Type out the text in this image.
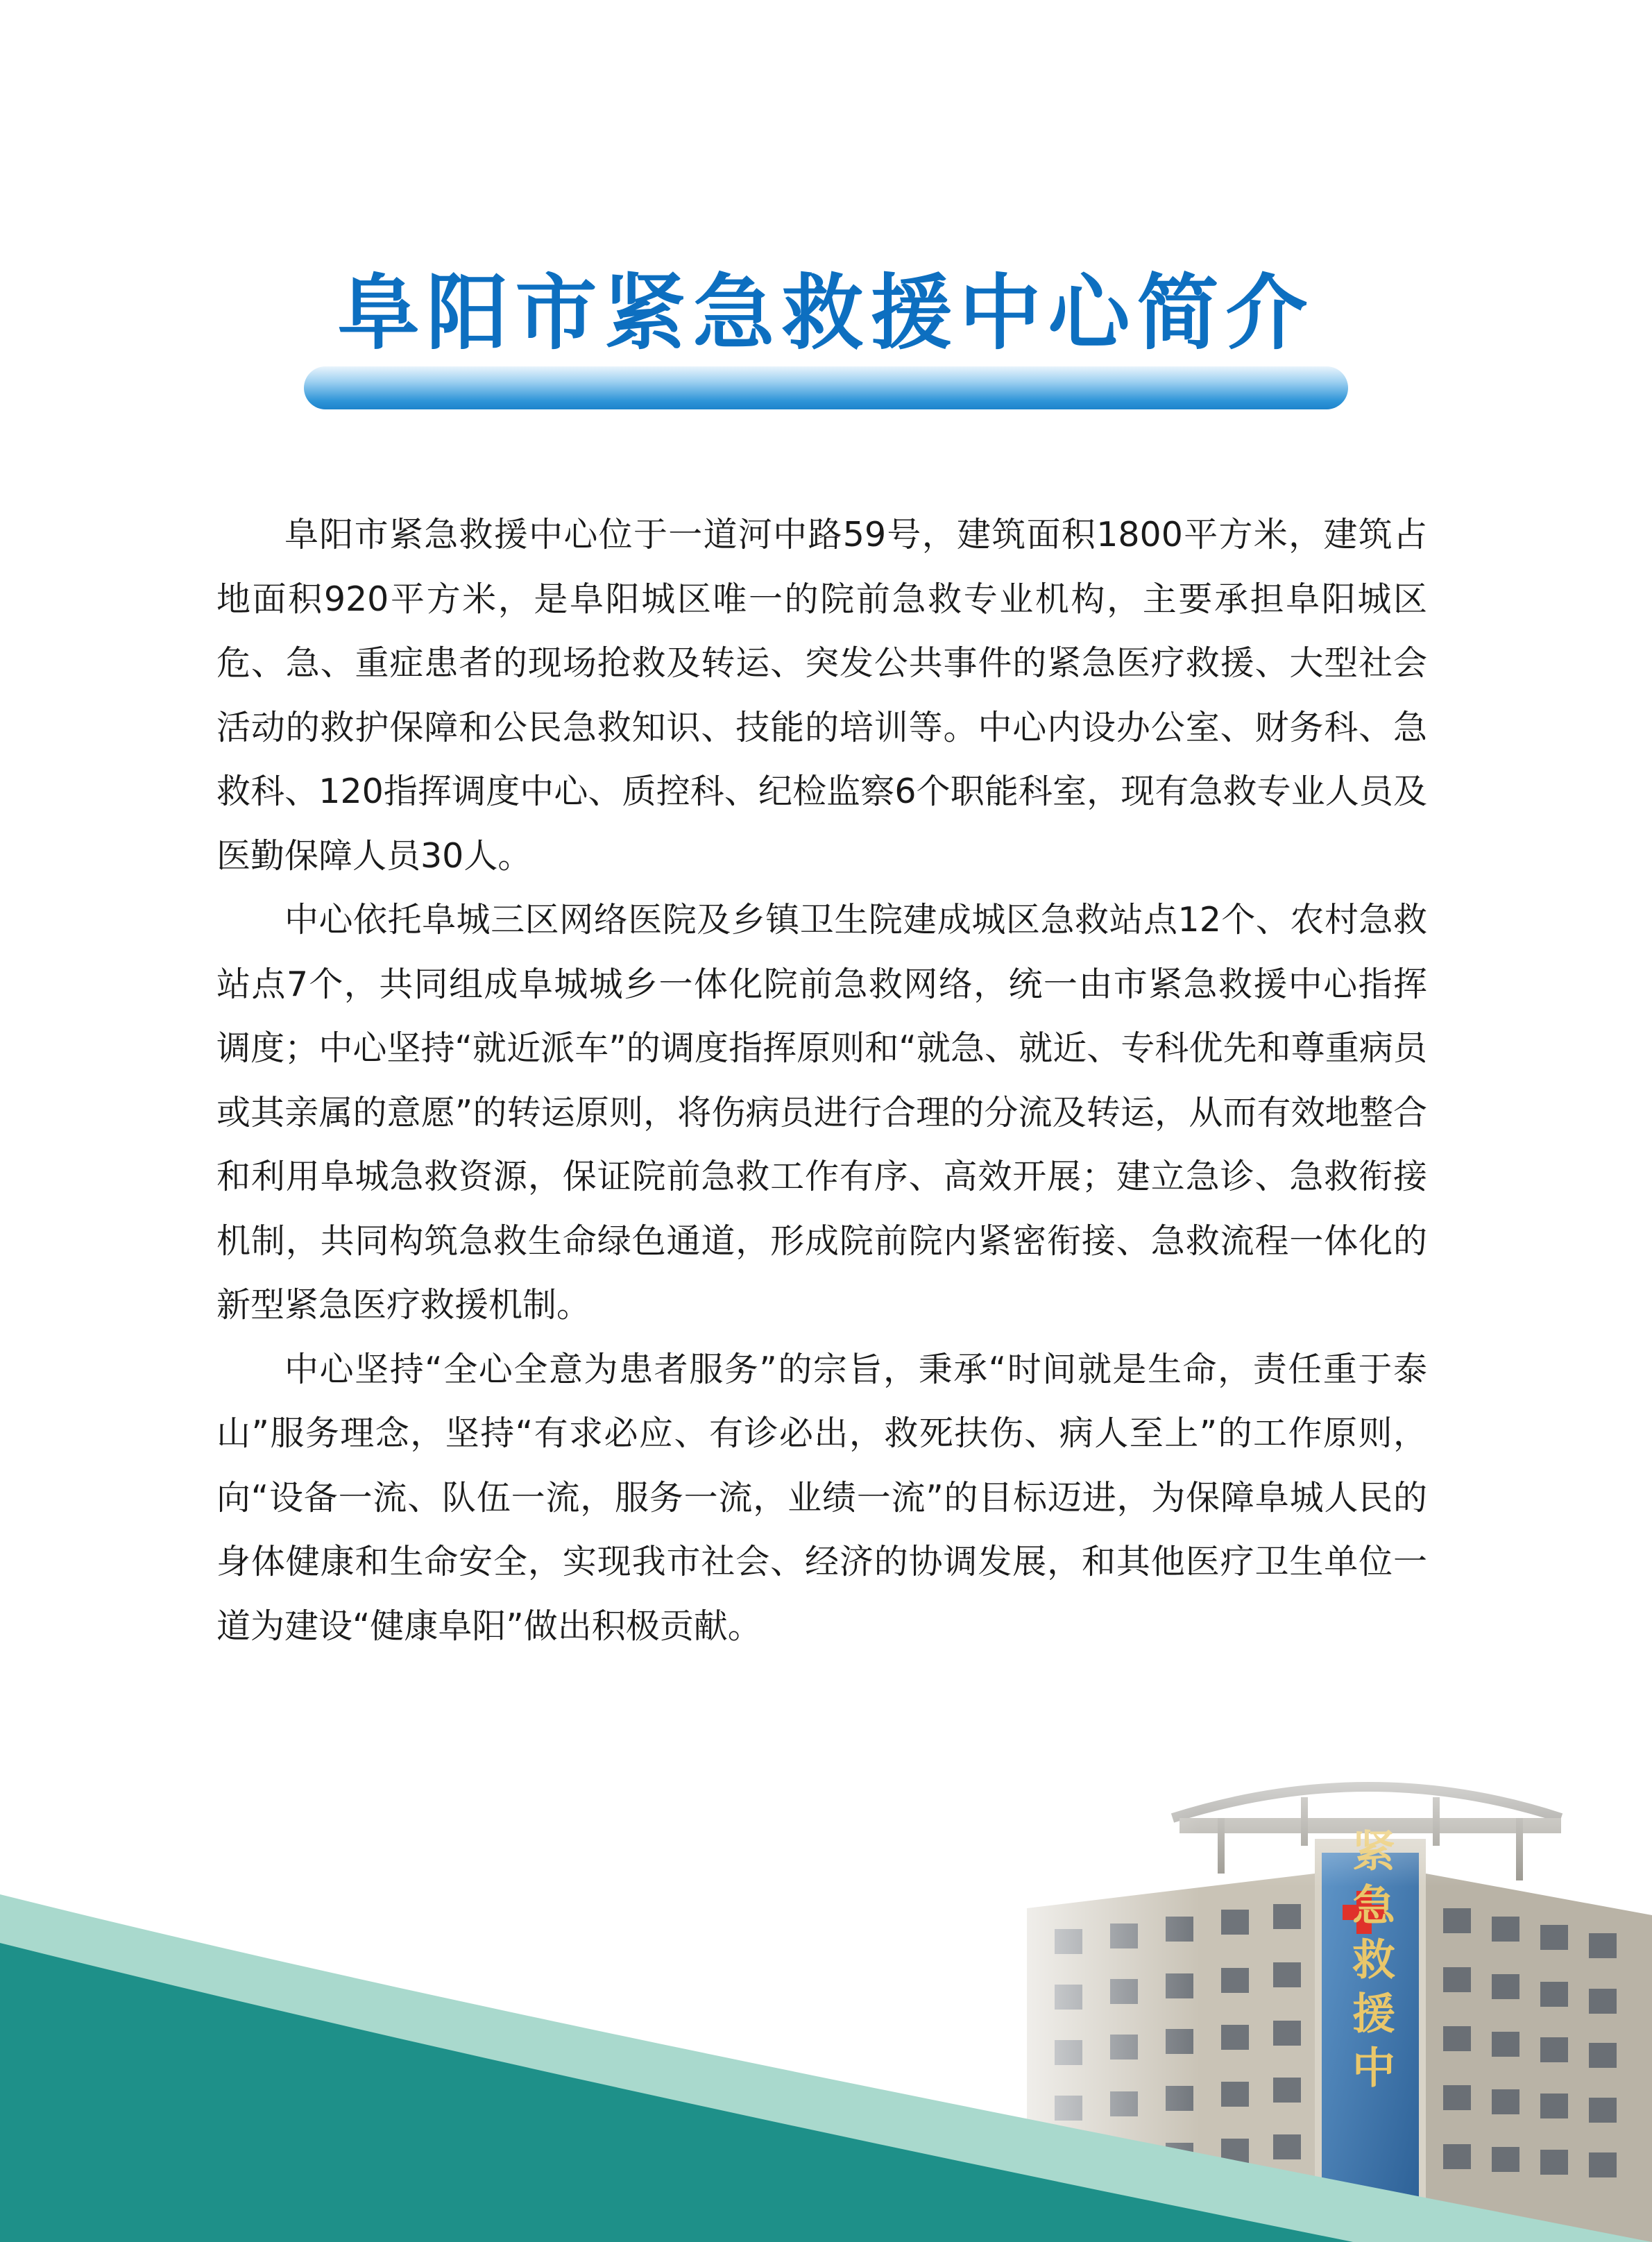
阜阳市紧急救援中心简介

阜阳市紧急救援中心位于一道河中路59号，建筑面积1800平方米，建筑占地面积920平方米，是阜阳城区唯一的院前急救专业机构，主要承担阜阳城区危、急、重症患者的现场抢救及转运、突发公共事件的紧急医疗救援、大型社会活动的救护保障和公民急救知识、技能的培训等。中心内设办公室、财务科、急救科、120指挥调度中心、质控科、纪检监察6个职能科室，现有急救专业人员及医勤保障人员30人。

中心依托阜城三区网络医院及乡镇卫生院建成城区急救站点12个、农村急救站点7个，共同组成阜城城乡一体化院前急救网络，统一由市紧急救援中心指挥调度；中心坚持“就近派车”的调度指挥原则和“就急、就近、专科优先和尊重病员或其亲属的意愿”的转运原则，将伤病员进行合理的分流及转运，从而有效地整合和利用阜城急救资源，保证院前急救工作有序、高效开展；建立急诊、急救衔接机制，共同构筑急救生命绿色通道，形成院前院内紧密衔接、急救流程一体化的新型紧急医疗救援机制。

中心坚持“全心全意为患者服务”的宗旨，秉承“时间就是生命，责任重于泰山”服务理念，坚持“有求必应、有诊必出，救死扶伤、病人至上”的工作原则，向“设备一流、队伍一流，服务一流，业绩一流”的目标迈进，为保障阜城人民的身体健康和生命安全，实现我市社会、经济的协调发展，和其他医疗卫生单位一道为建设“健康阜阳”做出积极贡献。
